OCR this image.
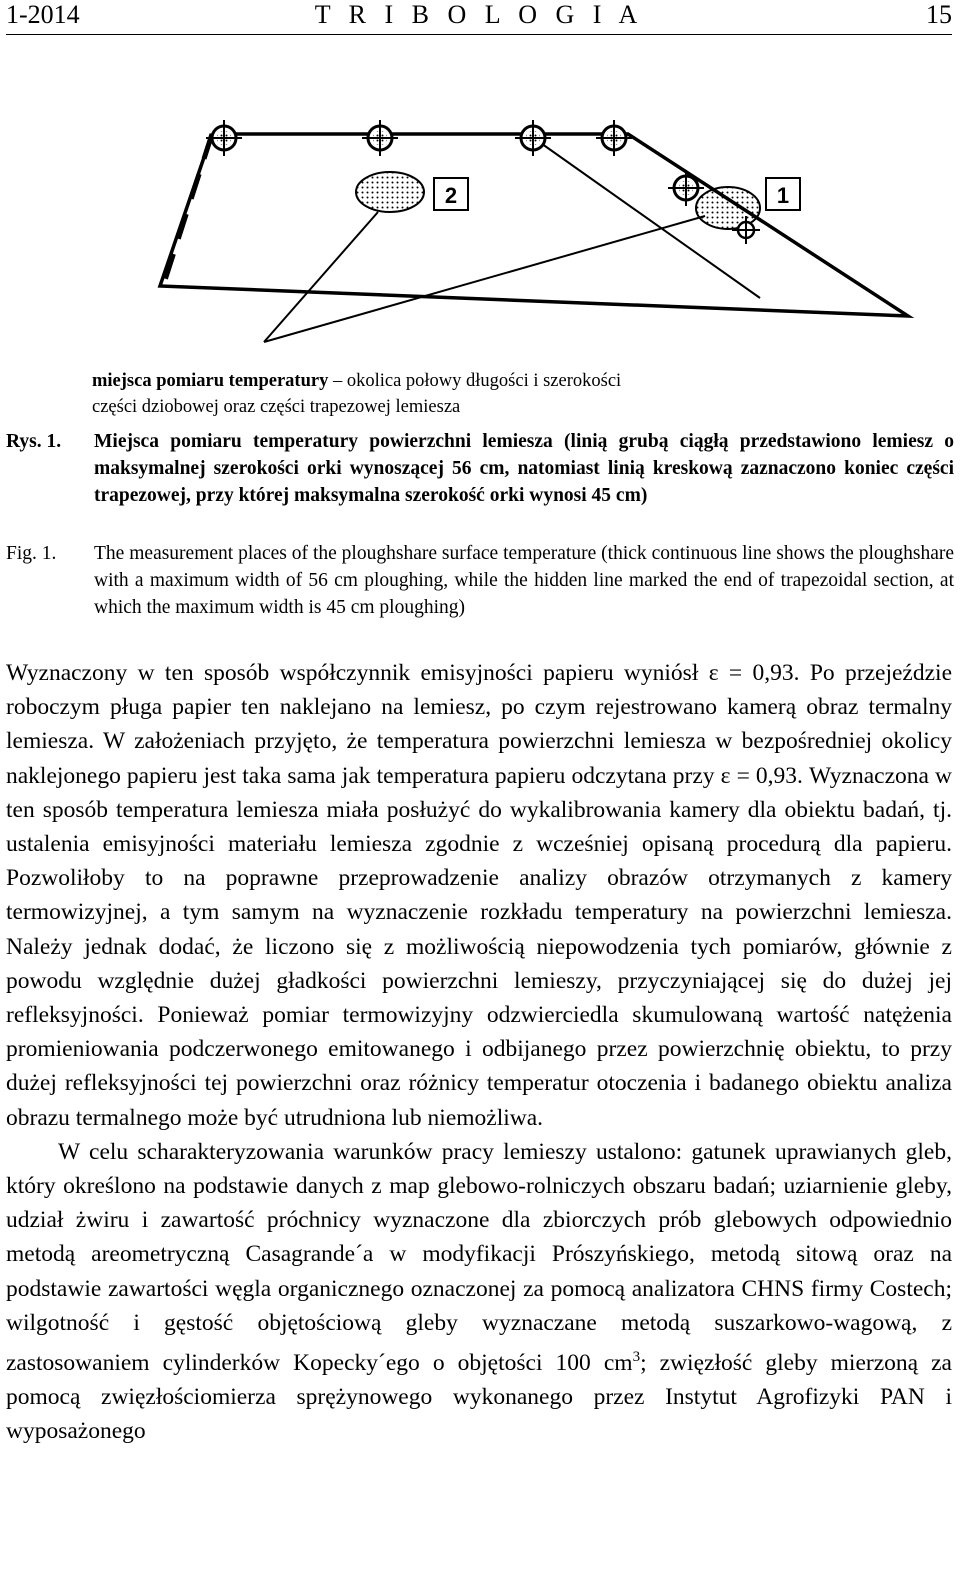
1-2014	T R I B O L O G I A	15
2	1
miejsca pomiaru temperatury – okolica połowy długości i szerokości
części dziobowej oraz części trapezowej lemiesza
Rys. 1. Miejsca pomiaru temperatury powierzchni lemiesza (linią grubą ciągłą przedstawiono lemiesz o maksymalnej szerokości orki wynoszącej 56 cm, natomiast linią kreskową zaznaczono koniec części trapezowej, przy której maksymalna szerokość orki wynosi 45 cm)
Fig. 1. The measurement places of the ploughshare surface temperature (thick continuous line shows the ploughshare with a maximum width of 56 cm ploughing, while the hidden line marked the end of trapezoidal section, at which the maximum width is 45 cm ploughing)

Wyznaczony w ten sposób współczynnik emisyjności papieru wyniósł ε = 0,93. Po przejeździe roboczym pługa papier ten naklejano na lemiesz, po czym rejestrowano kamerą obraz termalny lemiesza. W założeniach przyjęto, że temperatura powierzchni lemiesza w bezpośredniej okolicy naklejonego papieru jest taka sama jak temperatura papieru odczytana przy ε = 0,93. Wyznaczona w ten sposób temperatura lemiesza miała posłużyć do wykalibrowania kamery dla obiektu badań, tj. ustalenia emisyjności materiału lemiesza zgodnie z wcześniej opisaną procedurą dla papieru. Pozwoliłoby to na poprawne przeprowadzenie analizy obrazów otrzymanych z kamery termowizyjnej, a tym samym na wyznaczenie rozkładu temperatury na powierzchni lemiesza. Należy jednak dodać, że liczono się z możliwością niepowodzenia tych pomiarów, głównie z powodu względnie dużej gładkości powierzchni lemieszy, przyczyniającej się do dużej jej refleksyjności. Ponieważ pomiar termowizyjny odzwierciedla skumulowaną wartość natężenia promieniowania podczerwonego emitowanego i odbijanego przez powierzchnię obiektu, to przy dużej refleksyjności tej powierzchni oraz różnicy temperatur otoczenia i badanego obiektu analiza obrazu termalnego może być utrudniona lub niemożliwa.

W celu scharakteryzowania warunków pracy lemieszy ustalono: gatunek uprawianych gleb, który określono na podstawie danych z map glebowo-rolniczych obszaru badań; uziarnienie gleby, udział żwiru i zawartość próchnicy wyznaczone dla zbiorczych prób glebowych odpowiednio metodą areometryczną Casagrande´a w modyfikacji Prószyńskiego, metodą sitową oraz na podstawie zawartości węgla organicznego oznaczonej za pomocą analizatora CHNS firmy Costech; wilgotność i gęstość objętościową gleby wyznaczane metodą suszarkowo-wagową, z zastosowaniem cylinderków Kopecky´ego o objętości 100 $cm^3$; zwięzłość gleby mierzoną za pomocą zwięzłościomierza sprężynowego wykonanego przez Instytut Agrofizyki PAN i wyposażonego
